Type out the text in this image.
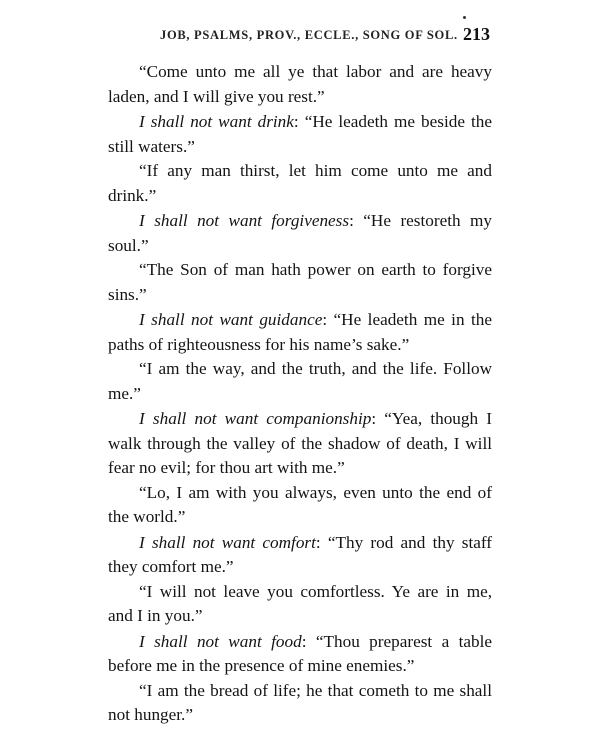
JOB, PSALMS, PROV., ECCLE., SONG OF SOL. 213

“Come unto me all ye that labor and are heavy laden, and I will give you rest.”

I shall not want drink: “He leadeth me beside the still waters.”

“If any man thirst, let him come unto me and drink.”

I shall not want forgiveness: “He restoreth my soul.”

“The Son of man hath power on earth to forgive sins.”

I shall not want guidance: “He leadeth me in the paths of righteousness for his name’s sake.”

“I am the way, and the truth, and the life. Follow me.”

I shall not want companionship: “Yea, though I walk through the valley of the shadow of death, I will fear no evil; for thou art with me.”

“Lo, I am with you always, even unto the end of the world.”

I shall not want comfort: “Thy rod and thy staff they comfort me.”

“I will not leave you comfortless. Ye are in me, and I in you.”

I shall not want food: “Thou preparest a table before me in the presence of mine enemies.”

“I am the bread of life; he that cometh to me shall not hunger.”
